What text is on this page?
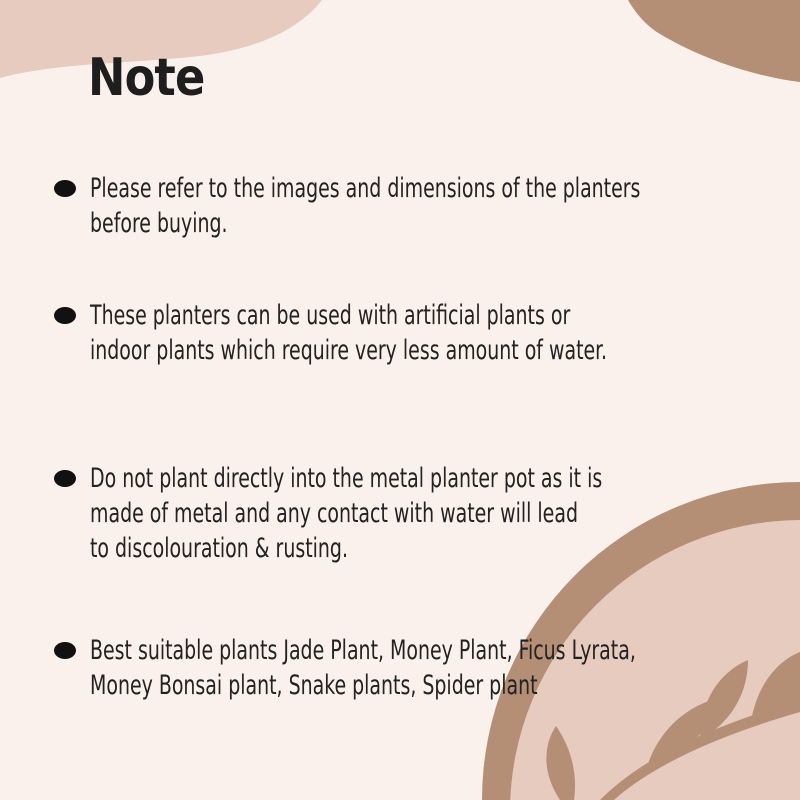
Note

Please refer to the images and dimensions of the planters
before buying.

These planters can be used with artificial plants or
indoor plants which require very less amount of water.

Do not plant directly into the metal planter pot as it is
made of metal and any contact with water will lead
to discolouration & rusting.

Best suitable plants Jade Plant, Money Plant, Ficus Lyrata,
Money Bonsai plant, Snake plants, Spider plant
